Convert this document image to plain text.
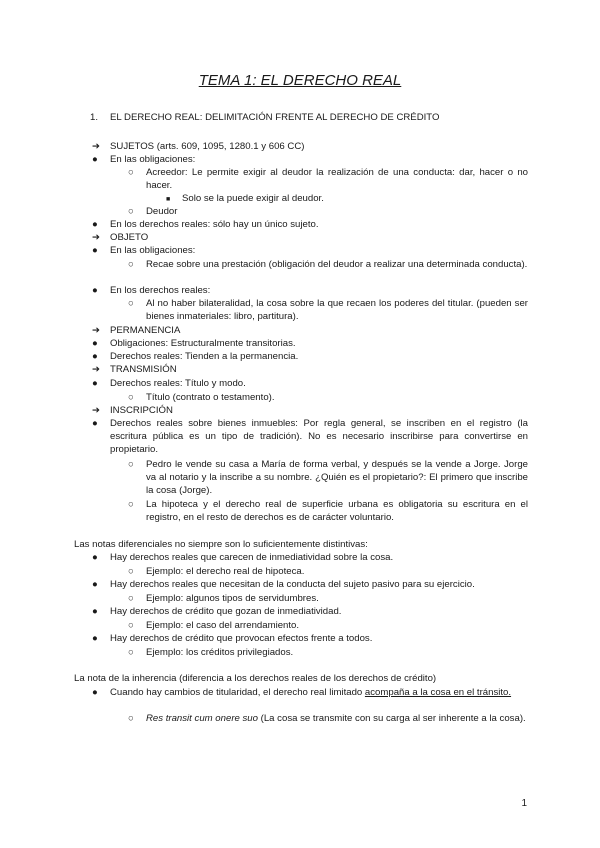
TEMA 1: EL DERECHO REAL
1. EL DERECHO REAL: DELIMITACIÓN FRENTE AL DERECHO DE CRÉDITO
➔ SUJETOS (arts. 609, 1095, 1280.1 y 606 CC)
● En las obligaciones:
○ Acreedor: Le permite exigir al deudor la realización de una conducta: dar, hacer o no hacer.
■ Solo se la puede exigir al deudor.
○ Deudor
● En los derechos reales: sólo hay un único sujeto.
➔ OBJETO
● En las obligaciones:
○ Recae sobre una prestación (obligación del deudor a realizar una determinada conducta).
● En los derechos reales:
○ Al no haber bilateralidad, la cosa sobre la que recaen los poderes del titular. (pueden ser bienes inmateriales: libro, partitura).
➔ PERMANENCIA
● Obligaciones: Estructuralmente transitorias.
● Derechos reales: Tienden a la permanencia.
➔ TRANSMISIÓN
● Derechos reales: Título y modo.
○ Título (contrato o testamento).
➔ INSCRIPCIÓN
● Derechos reales sobre bienes inmuebles: Por regla general, se inscriben en el registro (la escritura pública es un tipo de tradición). No es necesario inscribirse para convertirse en propietario.
○ Pedro le vende su casa a María de forma verbal, y después se la vende a Jorge. Jorge va al notario y la inscribe a su nombre. ¿Quién es el propietario?: El primero que inscribe la cosa (Jorge).
○ La hipoteca y el derecho real de superficie urbana es obligatoria su escritura en el registro, en el resto de derechos es de carácter voluntario.
Las notas diferenciales no siempre son lo suficientemente distintivas:
● Hay derechos reales que carecen de inmediatividad sobre la cosa.
○ Ejemplo: el derecho real de hipoteca.
● Hay derechos reales que necesitan de la conducta del sujeto pasivo para su ejercicio.
○ Ejemplo: algunos tipos de servidumbres.
● Hay derechos de crédito que gozan de inmediatividad.
○ Ejemplo: el caso del arrendamiento.
● Hay derechos de crédito que provocan efectos frente a todos.
○ Ejemplo: los créditos privilegiados.
La nota de la inherencia (diferencia a los derechos reales de los derechos de crédito)
● Cuando hay cambios de titularidad, el derecho real limitado acompaña a la cosa en el tránsito.
○ Res transit cum onere suo (La cosa se transmite con su carga al ser inherente a la cosa).
1
